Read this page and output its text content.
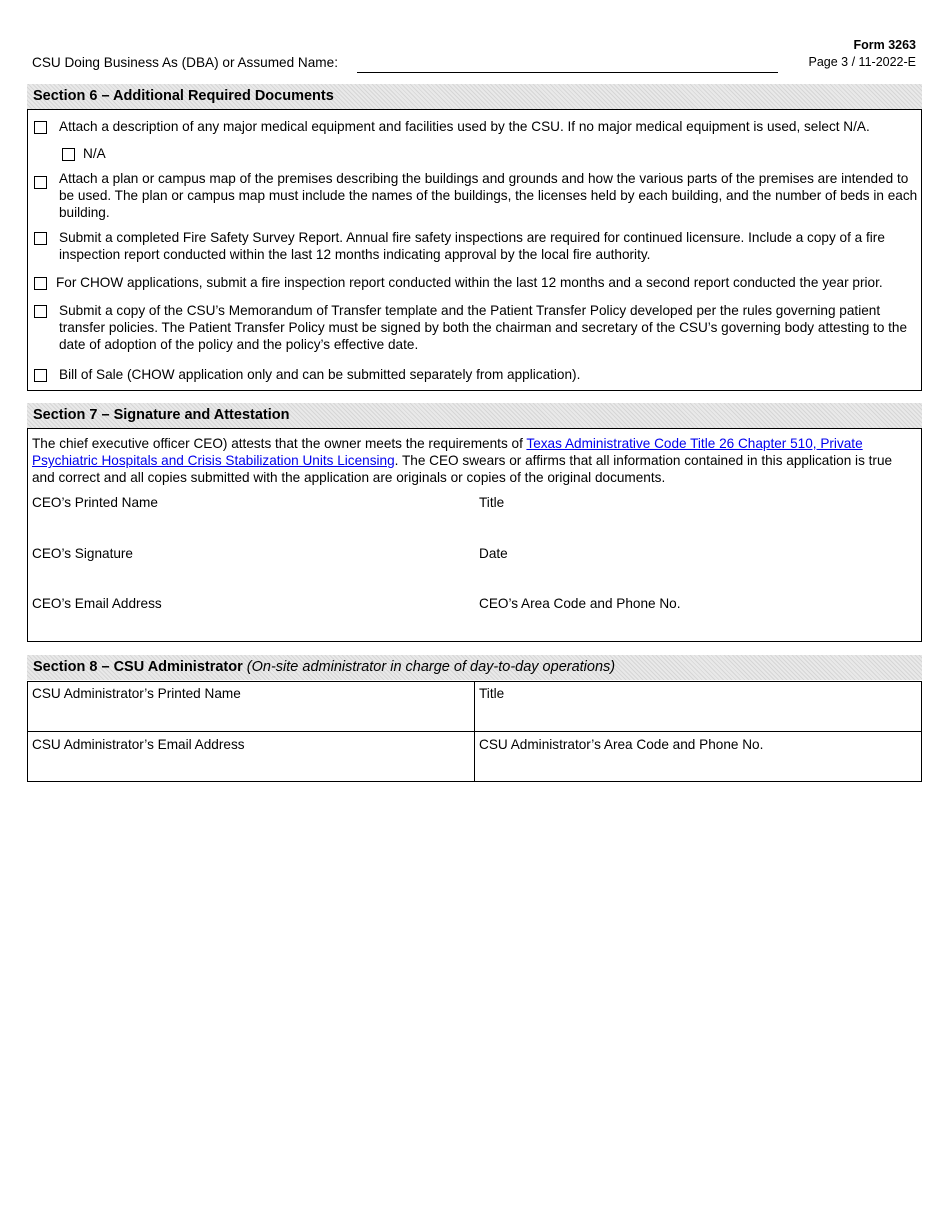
Form 3263
Page 3 / 11-2022-E
CSU Doing Business As (DBA) or Assumed Name:
Section 6 – Additional Required Documents
Attach a description of any major medical equipment and facilities used by the CSU. If no major medical equipment is used, select N/A.
N/A
Attach a plan or campus map of the premises describing the buildings and grounds and how the various parts of the premises are intended to be used. The plan or campus map must include the names of the buildings, the licenses held by each building, and the number of beds in each building.
Submit a completed Fire Safety Survey Report. Annual fire safety inspections are required for continued licensure. Include a copy of a fire inspection report conducted within the last 12 months indicating approval by the local fire authority.
For CHOW applications, submit a fire inspection report conducted within the last 12 months and a second report conducted the year prior.
Submit a copy of the CSU’s Memorandum of Transfer template and the Patient Transfer Policy developed per the rules governing patient transfer policies. The Patient Transfer Policy must be signed by both the chairman and secretary of the CSU’s governing body attesting to the date of adoption of the policy and the policy’s effective date.
Bill of Sale (CHOW application only and can be submitted separately from application).
Section 7 – Signature and Attestation
The chief executive officer CEO) attests that the owner meets the requirements of Texas Administrative Code Title 26 Chapter 510, Private Psychiatric Hospitals and Crisis Stabilization Units Licensing. The CEO swears or affirms that all information contained in this application is true and correct and all copies submitted with the application are originals or copies of the original documents.
CEO’s Printed Name	Title
CEO’s Signature	Date
CEO’s Email Address	CEO’s Area Code and Phone No.
Section 8 – CSU Administrator (On-site administrator in charge of day-to-day operations)
CSU Administrator’s Printed Name	Title
CSU Administrator’s Email Address	CSU Administrator’s Area Code and Phone No.
